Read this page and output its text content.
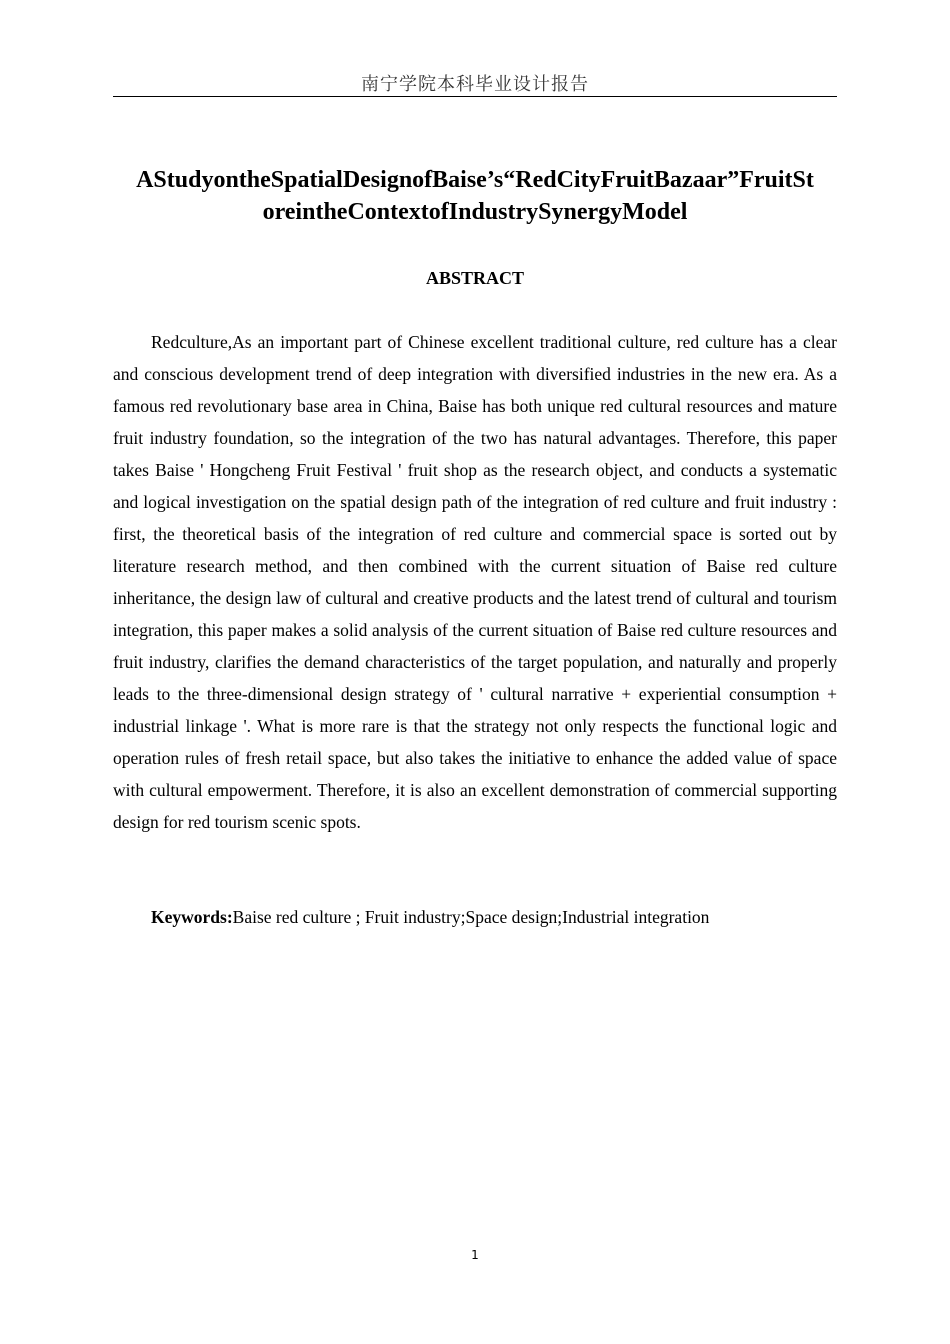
南宁学院本科毕业设计报告
AStudyontheSpatialDesignofBaise’s“RedCityFruitBazaar”FruitSt
oreintheContextofIndustrySynergyModel
ABSTRACT

Redculture,As an important part of Chinese excellent traditional culture, red culture has a clear and conscious development trend of deep integration with diversified industries in the new era. As a famous red revolutionary base area in China, Baise has both unique red cultural resources and mature fruit industry foundation, so the integration of the two has natural advantages. Therefore, this paper takes Baise ' Hongcheng Fruit Festival ' fruit shop as the research object, and conducts a systematic and logical investigation on the spatial design path of the integration of red culture and fruit industry : first, the theoretical basis of the integration of red culture and commercial space is sorted out by literature research method, and then combined with the current situation of Baise red culture inheritance, the design law of cultural and creative products and the latest trend of cultural and tourism integration, this paper makes a solid analysis of the current situation of Baise red culture resources and fruit industry, clarifies the demand characteristics of the target population, and naturally and properly leads to the three-dimensional design strategy of ' cultural narrative + experiential consumption + industrial linkage '. What is more rare is that the strategy not only respects the functional logic and operation rules of fresh retail space, but also takes the initiative to enhance the added value of space with cultural empowerment. Therefore, it is also an excellent demonstration of commercial supporting design for red tourism scenic spots.

Keywords:Baise red culture ; Fruit industry;Space design;Industrial integration

1
